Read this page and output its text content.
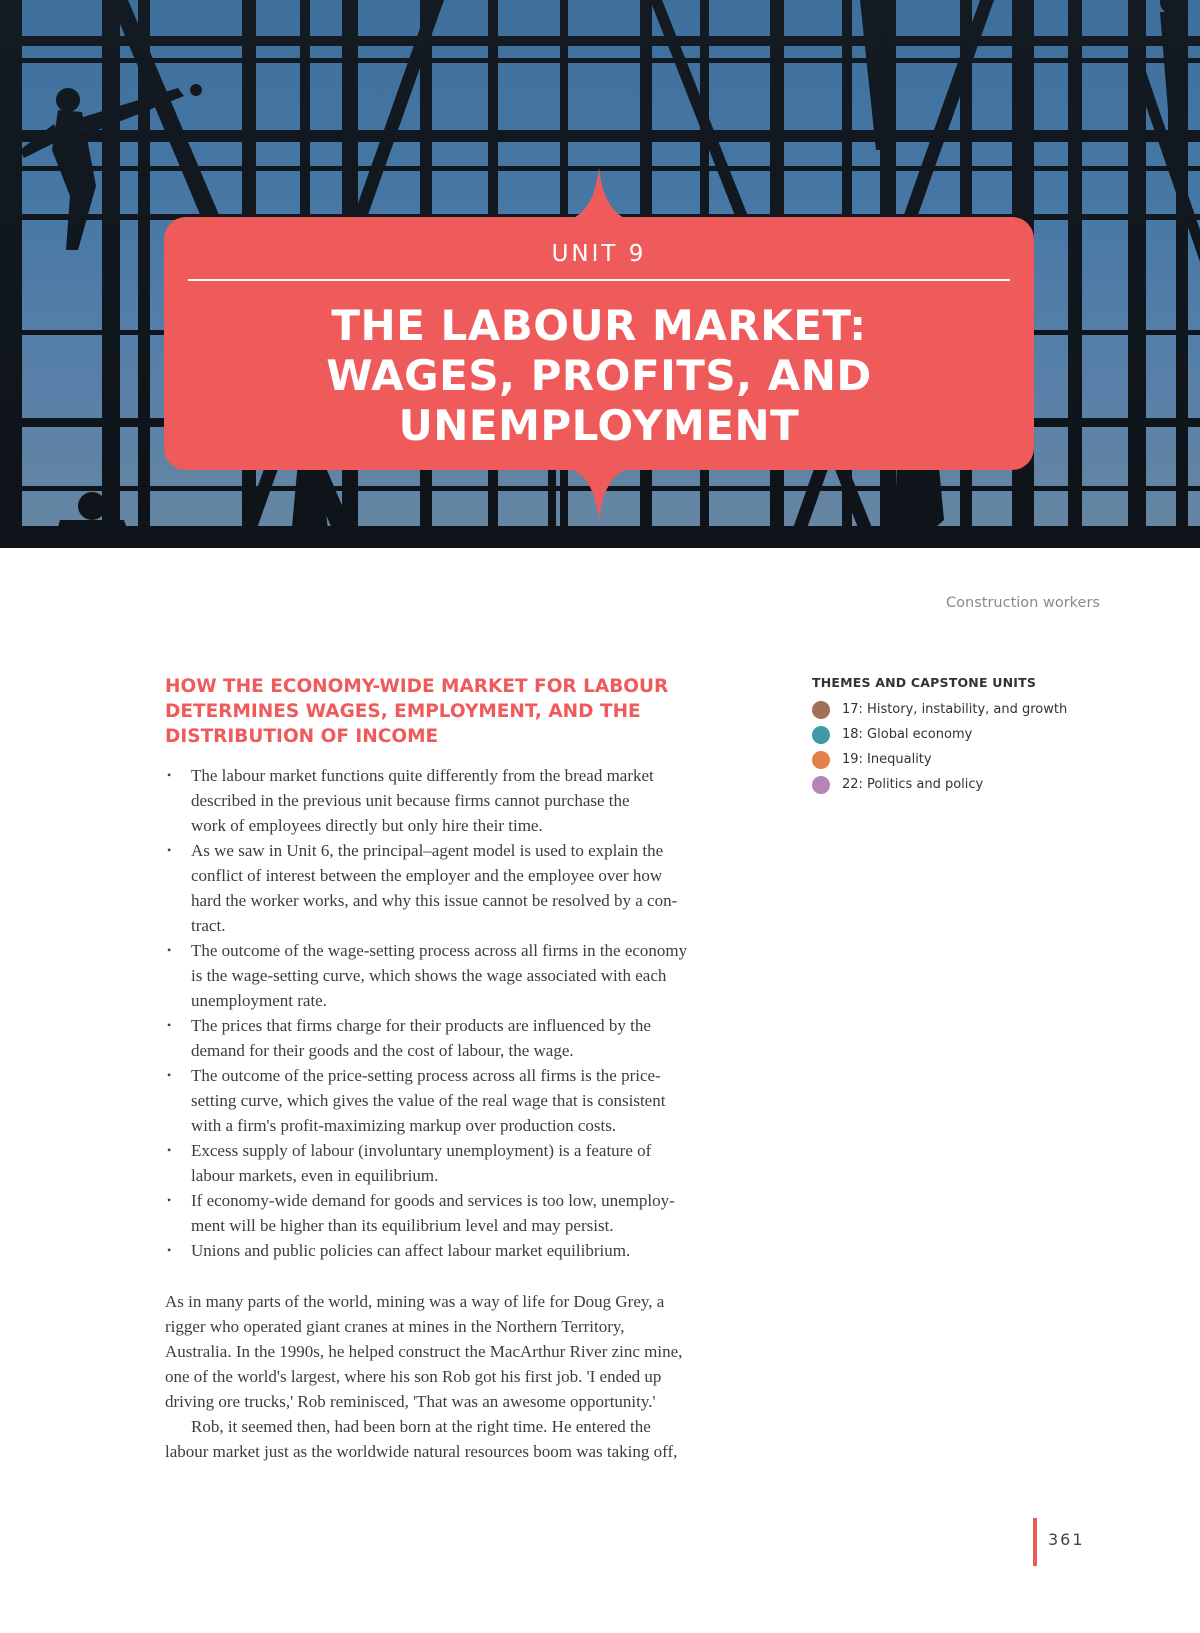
UNIT 9
THE LABOUR MARKET:
WAGES, PROFITS, AND
UNEMPLOYMENT
Construction workers
HOW THE ECONOMY-WIDE MARKET FOR LABOUR
DETERMINES WAGES, EMPLOYMENT, AND THE
DISTRIBUTION OF INCOME
• The labour market functions quite differently from the bread market
described in the previous unit because firms cannot purchase the
work of employees directly but only hire their time.
• As we saw in Unit 6, the principal–agent model is used to explain the
conflict of interest between the employer and the employee over how
hard the worker works, and why this issue cannot be resolved by a con-
tract.
• The outcome of the wage-setting process across all firms in the economy
is the wage-setting curve, which shows the wage associated with each
unemployment rate.
• The prices that firms charge for their products are influenced by the
demand for their goods and the cost of labour, the wage.
• The outcome of the price-setting process across all firms is the price-
setting curve, which gives the value of the real wage that is consistent
with a firm's profit-maximizing markup over production costs.
• Excess supply of labour (involuntary unemployment) is a feature of
labour markets, even in equilibrium.
• If economy-wide demand for goods and services is too low, unemploy-
ment will be higher than its equilibrium level and may persist.
• Unions and public policies can affect labour market equilibrium.

As in many parts of the world, mining was a way of life for Doug Grey, a
rigger who operated giant cranes at mines in the Northern Territory,
Australia. In the 1990s, he helped construct the MacArthur River zinc mine,
one of the world's largest, where his son Rob got his first job. 'I ended up
driving ore trucks,' Rob reminisced, 'That was an awesome opportunity.'

Rob, it seemed then, had been born at the right time. He entered the
labour market just as the worldwide natural resources boom was taking off,

THEMES AND CAPSTONE UNITS
17: History, instability, and growth
18: Global economy
19: Inequality
22: Politics and policy
361
